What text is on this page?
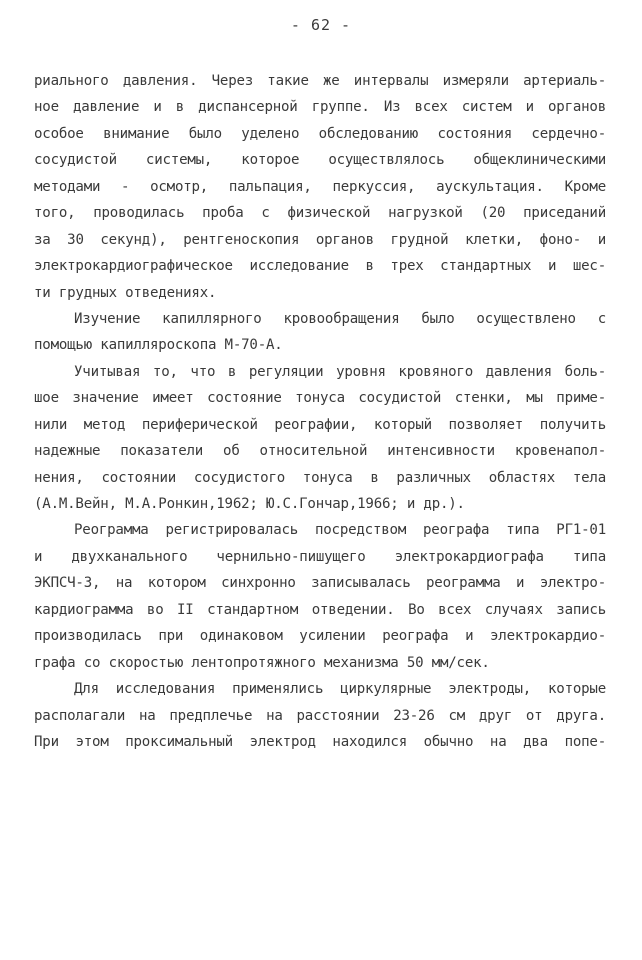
- 62 -
риального давления. Через такие же интервалы измеряли артериаль-
ное давление и в диспансерной группе. Из всех систем и органов
особое внимание было уделено обследованию состояния сердечно-
сосудистой системы, которое осуществлялось общеклиническими
методами - осмотр, пальпация, перкуссия, аускультация. Кроме
того, проводилась проба с физической нагрузкой (20 приседаний
за 30 секунд), рентгеноскопия органов грудной клетки, фоно- и
электрокардиографическое исследование в трех стандартных и шес-
ти грудных отведениях.
Изучение капиллярного кровообращения было осуществлено с
помощью капилляроскопа М-70-А.
Учитывая то, что в регуляции уровня кровяного давления боль-
шое значение имеет состояние тонуса сосудистой стенки, мы приме-
нили метод периферической реографии, который позволяет получить
надежные показатели об относительной интенсивности кровенапол-
нения, состоянии сосудистого тонуса в различных областях тела
(А.М.Вейн, М.А.Ронкин,1962; Ю.С.Гончар,1966; и др.).
Реограмма регистрировалась посредством реографа типа РГ1-01
и двухканального чернильно-пишущего электрокардиографа типа
ЭКПСЧ-3, на котором синхронно записывалась реограмма и электро-
кардиограмма во II стандартном отведении. Во всех случаях запись
производилась при одинаковом усилении реографа и электрокардио-
графа со скоростью лентопротяжного механизма 50 мм/сек.
Для исследования применялись циркулярные электроды, которые
располагали на предплечье на расстоянии 23-26 см друг от друга.
При этом проксимальный электрод находился обычно на два попе-
